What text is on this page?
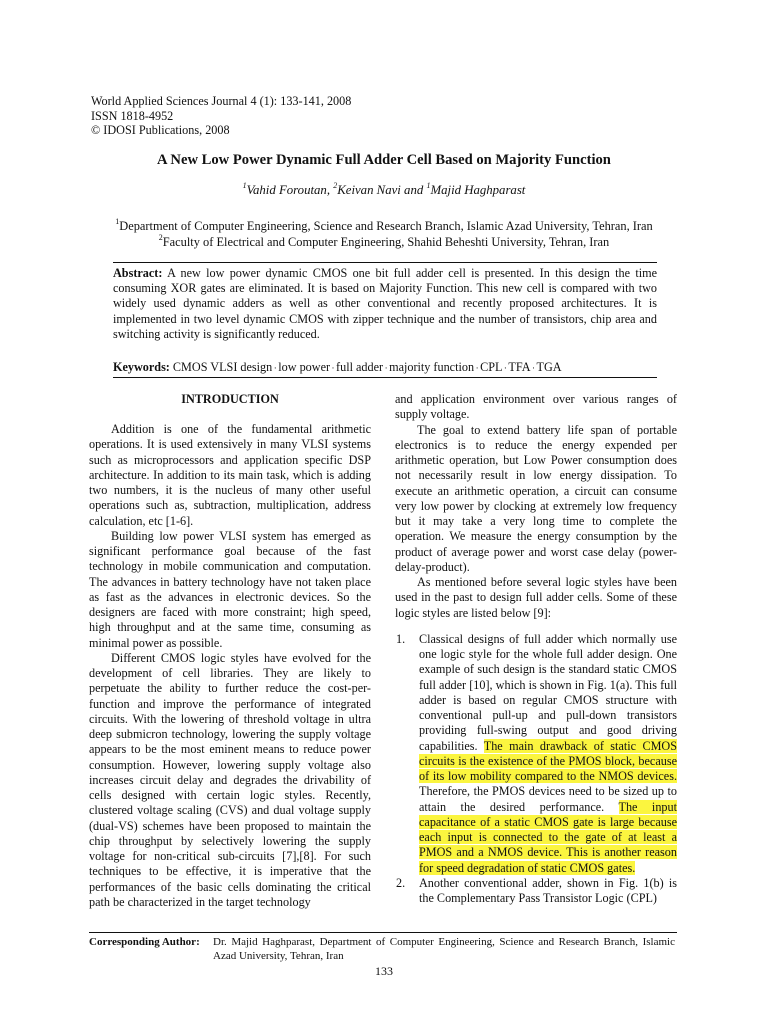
World Applied Sciences Journal 4 (1): 133-141, 2008
ISSN 1818-4952
© IDOSI Publications, 2008
A New Low Power Dynamic Full Adder Cell Based on Majority Function
$^1$Vahid Foroutan, $^2$Keivan Navi and $^1$Majid Haghparast
$^1$Department of Computer Engineering, Science and Research Branch, Islamic Azad University, Tehran, Iran
$^2$Faculty of Electrical and Computer Engineering, Shahid Beheshti University, Tehran, Iran
Abstract: A new low power dynamic CMOS one bit full adder cell is presented. In this design the time consuming XOR gates are eliminated. It is based on Majority Function. This new cell is compared with two widely used dynamic adders as well as other conventional and recently proposed architectures. It is implemented in two level dynamic CMOS with zipper technique and the number of transistors, chip area and switching activity is significantly reduced.
Keywords: CMOS VLSI design · low power · full adder · majority function · CPL · TFA · TGA
INTRODUCTION

Addition is one of the fundamental arithmetic operations. It is used extensively in many VLSI systems such as microprocessors and application specific DSP architecture. In addition to its main task, which is adding two numbers, it is the nucleus of many other useful operations such as, subtraction, multiplication, address calculation, etc [1-6].

Building low power VLSI system has emerged as significant performance goal because of the fast technology in mobile communication and computation. The advances in battery technology have not taken place as fast as the advances in electronic devices. So the designers are faced with more constraint; high speed, high throughput and at the same time, consuming as minimal power as possible.

Different CMOS logic styles have evolved for the development of cell libraries. They are likely to perpetuate the ability to further reduce the cost-per-function and improve the performance of integrated circuits. With the lowering of threshold voltage in ultra deep submicron technology, lowering the supply voltage appears to be the most eminent means to reduce power consumption. However, lowering supply voltage also increases circuit delay and degrades the drivability of cells designed with certain logic styles. Recently, clustered voltage scaling (CVS) and dual voltage supply (dual-VS) schemes have been proposed to maintain the chip throughput by selectively lowering the supply voltage for non-critical sub-circuits [7],[8]. For such techniques to be effective, it is imperative that the performances of the basic cells dominating the critical path be characterized in the target technology

and application environment over various ranges of supply voltage.

The goal to extend battery life span of portable electronics is to reduce the energy expended per arithmetic operation, but Low Power consumption does not necessarily result in low energy dissipation. To execute an arithmetic operation, a circuit can consume very low power by clocking at extremely low frequency but it may take a very long time to complete the operation. We measure the energy consumption by the product of average power and worst case delay (power-delay-product).

As mentioned before several logic styles have been used in the past to design full adder cells. Some of these logic styles are listed below [9]:

1. Classical designs of full adder which normally use one logic style for the whole full adder design. One example of such design is the standard static CMOS full adder [10], which is shown in Fig. 1(a). This full adder is based on regular CMOS structure with conventional pull-up and pull-down transistors providing full-swing output and good driving capabilities. The main drawback of static CMOS circuits is the existence of the PMOS block, because of its low mobility compared to the NMOS devices. Therefore, the PMOS devices need to be sized up to attain the desired performance. The input capacitance of a static CMOS gate is large because each input is connected to the gate of at least a PMOS and a NMOS device. This is another reason for speed degradation of static CMOS gates.
2. Another conventional adder, shown in Fig. 1(b) is the Complementary Pass Transistor Logic (CPL)
Corresponding Author: Dr. Majid Haghparast, Department of Computer Engineering, Science and Research Branch, Islamic Azad University, Tehran, Iran
133
